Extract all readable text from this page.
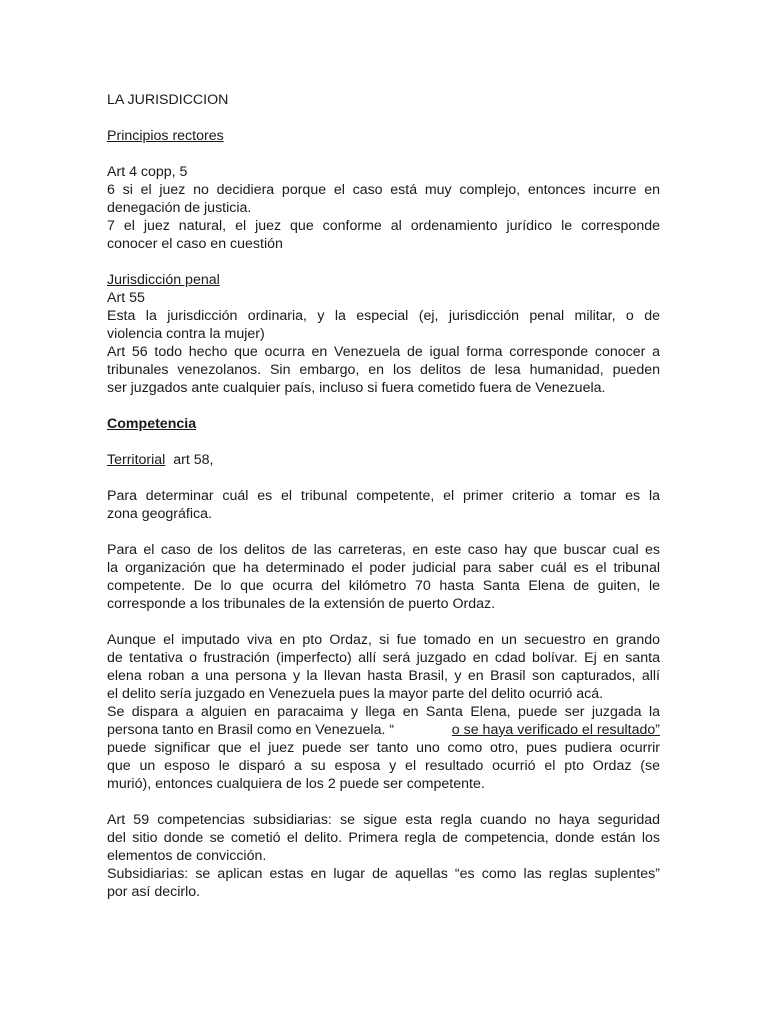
LA JURISDICCION

Principios rectores

Art 4 copp, 5

6 si el juez no decidiera porque el caso está muy complejo, entonces incurre en

denegación de justicia.

7 el juez natural, el juez que conforme al ordenamiento jurídico le corresponde

conocer el caso en cuestión

Jurisdicción penal

Art 55

Esta la jurisdicción ordinaria, y la especial (ej, jurisdicción penal militar, o de

violencia contra la mujer)

Art 56 todo hecho que ocurra en Venezuela de igual forma corresponde conocer a

tribunales venezolanos. Sin embargo, en los delitos de lesa humanidad, pueden

ser juzgados ante cualquier país, incluso si fuera cometido fuera de Venezuela.

Competencia

Territorial  art 58,

Para determinar cuál es el tribunal competente, el primer criterio a tomar es la

zona geográfica.

Para el caso de los delitos de las carreteras, en este caso hay que buscar cual es

la organización que ha determinado el poder judicial para saber cuál es el tribunal

competente. De lo que ocurra del kilómetro 70 hasta Santa Elena de guiten, le

corresponde a los tribunales de la extensión de puerto Ordaz.

Aunque el imputado viva en pto Ordaz, si fue tomado en un secuestro en grando

de tentativa o frustración (imperfecto) allí será juzgado en cdad bolívar. Ej en santa

elena roban a una persona y la llevan hasta Brasil, y en Brasil son capturados, allí

el delito sería juzgado en Venezuela pues la mayor parte del delito ocurrió acá.

Se dispara a alguien en paracaima y llega en Santa Elena, puede ser juzgada la

persona tanto en Brasil como en Venezuela. “	o se haya verificado el resultado”

puede significar que el juez puede ser tanto uno como otro, pues pudiera ocurrir

que un esposo le disparó a su esposa y el resultado ocurrió el pto Ordaz (se

murió), entonces cualquiera de los 2 puede ser competente.

Art 59 competencias subsidiarias: se sigue esta regla cuando no haya seguridad

del sitio donde se cometió el delito. Primera regla de competencia, donde están los

elementos de convicción.

Subsidiarias: se aplican estas en lugar de aquellas “es como las reglas suplentes”

por así decirlo.
